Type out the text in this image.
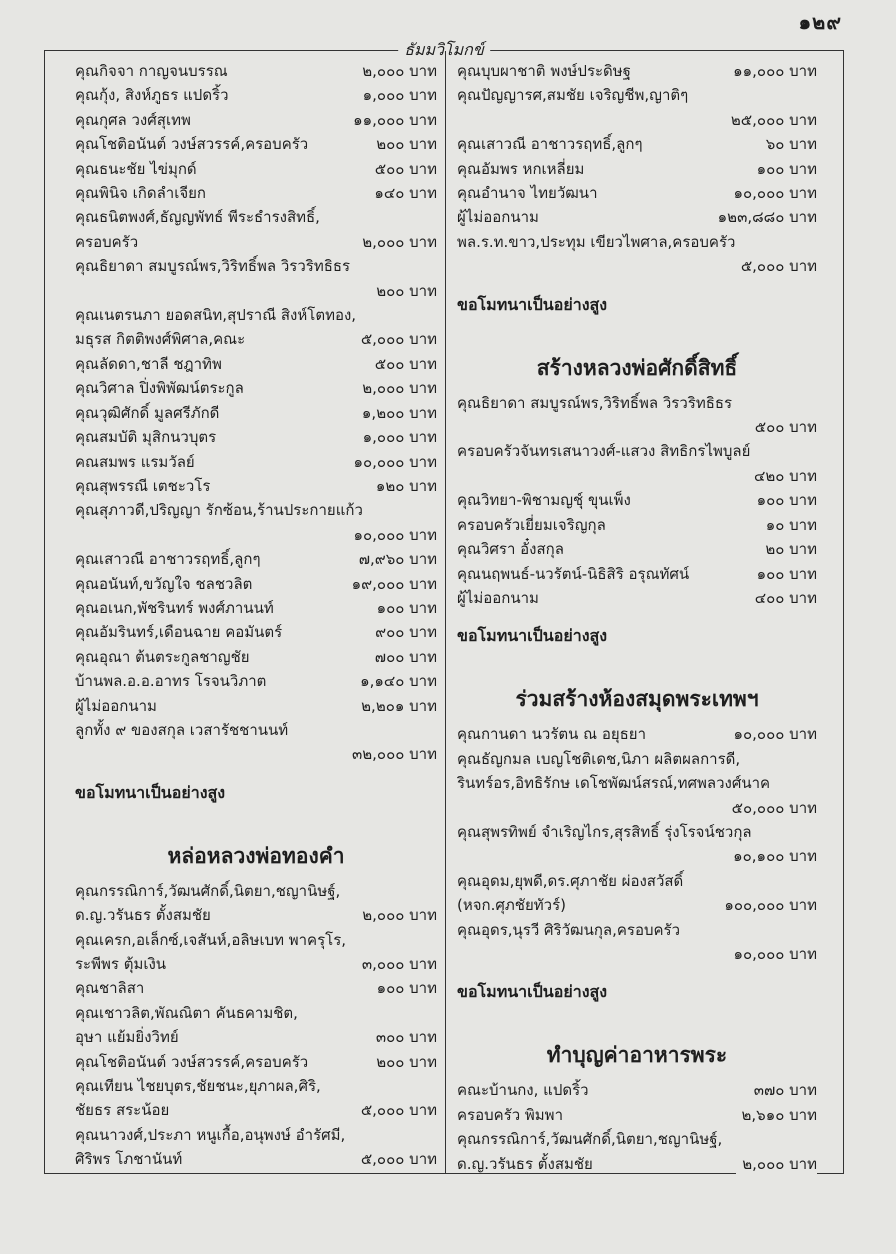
๑๒๙
ธัมมวิโมกข์
คุณกิจจา กาญจนบรรณ	๒,๐๐๐ บาท
คุณกุ้ง, สิงห์ภูธร แปดริ้ว	๑,๐๐๐ บาท
คุณกุศล วงศ์สุเทพ	๑๑,๐๐๐ บาท
คุณโชติอนันต์ วงษ์สวรรค์,ครอบครัว	๒๐๐ บาท
คุณธนะชัย ไข่มุกด์	๕๐๐ บาท
คุณพินิจ เกิดลำเจียก	๑๔๐ บาท
คุณธนิตพงศ์,ธัญญพัทธ์ พีระธำรงสิทธิ์,
ครอบครัว	๒,๐๐๐ บาท
คุณธิยาดา สมบูรณ์พร,วิริทธิ์พล วิรวริทธิธร
๒๐๐ บาท
คุณเนตรนภา ยอดสนิท,สุปราณี สิงห์โตทอง,
มธุรส กิตติพงศ์พิศาล,คณะ	๕,๐๐๐ บาท
คุณลัดดา,ชาลี ชฎาทิพ	๕๐๐ บาท
คุณวิศาล ปิ่งพิพัฒน์ตระกูล	๒,๐๐๐ บาท
คุณวุฒิศักดิ์ มูลศรีภักดี	๑,๒๐๐ บาท
คุณสมบัติ มุสิกนวบุตร	๑,๐๐๐ บาท
คณสมพร แรมวัลย์	๑๐,๐๐๐ บาท
คุณสุพรรณี เตชะวโร	๑๒๐ บาท
คุณสุภาวดี,ปริญญา รักซ้อน,ร้านประกายแก้ว
๑๐,๐๐๐ บาท
คุณเสาวณี อาชาวรฤทธิ์,ลูกๆ	๗,๙๖๐ บาท
คุณอนันท์,ขวัญใจ ชลชวลิต	๑๙,๐๐๐ บาท
คุณอเนก,พัชรินทร์ พงศ์ภานนท์	๑๐๐ บาท
คุณอัมรินทร์,เดือนฉาย คอมันตร์	๙๐๐ บาท
คุณอุณา ต้นตระกูลชาญชัย	๗๐๐ บาท
บ้านพล.อ.อ.อาทร โรจนวิภาต	๑,๑๔๐ บาท
ผู้ไม่ออกนาม	๒,๒๐๑ บาท
ลูกทั้ง ๙ ของสกุล เวสารัชชานนท์
๓๒,๐๐๐ บาท
ขอโมทนาเป็นอย่างสูง
หล่อหลวงพ่อทองคำ
คุณกรรณิการ์,วัฒนศักดิ์,นิตยา,ชญานิษฐ์,
ด.ญ.วรันธร ตั้งสมชัย	๒,๐๐๐ บาท
คุณเครก,อเล็กซ์,เจสันห์,อลิษเบท พาครุโร,
ระพีพร ตุ้มเงิน	๓,๐๐๐ บาท
คุณชาลิสา	๑๐๐ บาท
คุณเชาวลิต,พัณณิตา คันธคามชิต,
อุษา แย้มยิ่งวิทย์	๓๐๐ บาท
คุณโชติอนันต์ วงษ์สวรรค์,ครอบครัว	๒๐๐ บาท
คุณเทียน ไชยบุตร,ชัยชนะ,ยุภาผล,ศิริ,
ชัยธร สระน้อย	๕,๐๐๐ บาท
คุณนาวงศ์,ประภา หนูเกื้อ,อนุพงษ์ อำรัศมี,
ศิริพร โภชานันท์	๕,๐๐๐ บาท
คุณบุบผาชาติ พงษ์ประดิษฐ	๑๑,๐๐๐ บาท
คุณปัญญารศ,สมชัย เจริญชีพ,ญาติๆ
๒๕,๐๐๐ บาท
คุณเสาวณี อาชาวรฤทธิ์,ลูกๆ	๖๐ บาท
คุณอัมพร หกเหลี่ยม	๑๐๐ บาท
คุณอำนาจ ไทยวัฒนา	๑๐,๐๐๐ บาท
ผู้ไม่ออกนาม	๑๒๓,๘๘๐ บาท
พล.ร.ท.ขาว,ประทุม เขียวไพศาล,ครอบครัว
๕,๐๐๐ บาท
ขอโมทนาเป็นอย่างสูง
สร้างหลวงพ่อศักดิ์สิทธิ์
คุณธิยาดา สมบูรณ์พร,วิริทธิ์พล วิรวริทธิธร
๕๐๐ บาท
ครอบครัวจันทรเสนาวงศ์-แสวง สิทธิกรไพบูลย์
๔๒๐ บาท
คุณวิทยา-พิชามญชุ์ ขุนเพ็ง	๑๐๐ บาท
ครอบครัวเยี่ยมเจริญกุล	๑๐ บาท
คุณวิศรา อั๋งสกุล	๒๐ บาท
คุณนฤพนธ์-นวรัตน์-นิธิสิริ อรุณทัศน์	๑๐๐ บาท
ผู้ไม่ออกนาม	๔๐๐ บาท
ขอโมทนาเป็นอย่างสูง
ร่วมสร้างห้องสมุดพระเทพฯ
คุณกานดา นวรัตน ณ อยุธยา	๑๐,๐๐๐ บาท
คุณธัญกมล เบญโชติเดช,นิภา ผลิตผลการดี,
รินทร์อร,อิทธิรักษ เดโชพัฒน์สรณ์,ทศพลวงศ์นาค
๕๐,๐๐๐ บาท
คุณสุพรทิพย์ จำเริญไกร,สุรสิทธิ์ รุ่งโรจน์ชวกุล
๑๐,๑๐๐ บาท
คุณอุดม,ยุพดี,ดร.ศุภาชัย ผ่องสวัสดิ์
(หจก.ศุภชัยทัวร์)	๑๐๐,๐๐๐ บาท
คุณอุดร,นุรวี ศิริวัฒนกุล,ครอบครัว
๑๐,๐๐๐ บาท
ขอโมทนาเป็นอย่างสูง
ทำบุญค่าอาหารพระ
คณะบ้านกง, แปดริ้ว	๓๗๐ บาท
ครอบครัว พิมพา	๒,๖๑๐ บาท
คุณกรรณิการ์,วัฒนศักดิ์,นิตยา,ชญานิษฐ์,
ด.ญ.วรันธร ตั้งสมชัย	๒,๐๐๐ บาท
